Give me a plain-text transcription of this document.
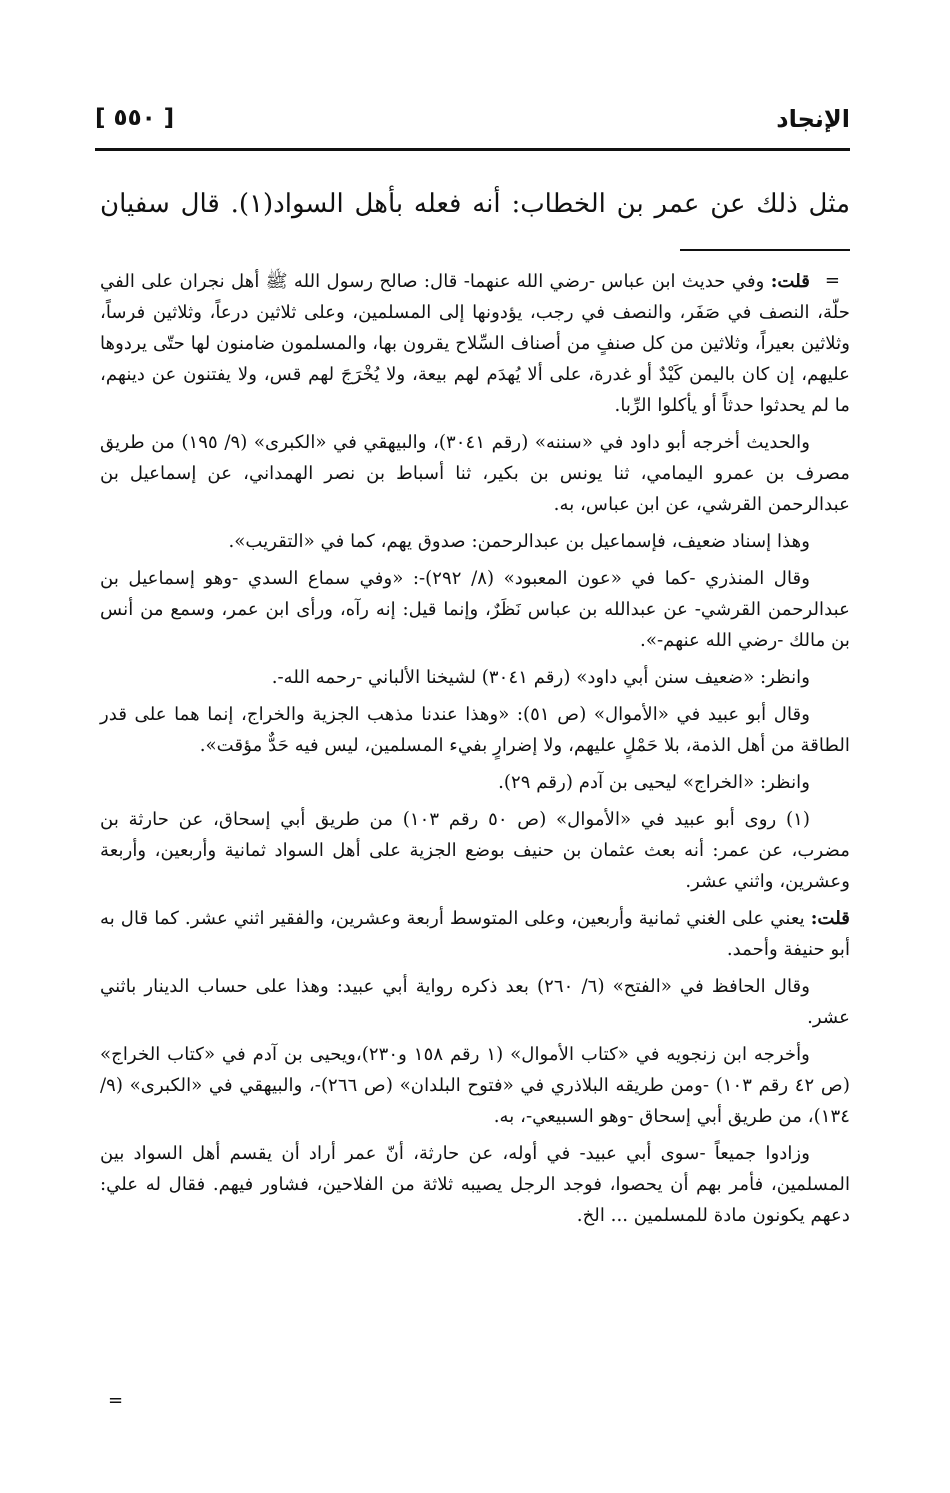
الإنجاد
[ ٥٥٠ ]
مثل ذلك عن عمر بن الخطاب: أنه فعله بأهل السواد(١). قال سفيان
=

قلت: وفي حديث ابن عباس -رضي الله عنهما- قال: صالح رسول الله ﷺ أهل نجران على الفي حلّة، النصف في صَفَر، والنصف في رجب، يؤدونها إلى المسلمين، وعلى ثلاثين درعاً، وثلاثين فرساً، وثلاثين بعيراً، وثلاثين من كل صنفٍ من أصناف السِّلاح يقرون بها، والمسلمون ضامنون لها حتّى يردوها عليهم، إن كان باليمن كَيْدٌ أو غدرة، على ألا يُهدَم لهم بيعة، ولا يُخْرَجَ لهم قس، ولا يفتنون عن دينهم، ما لم يحدثوا حدثاً أو يأكلوا الرِّبا.

والحديث أخرجه أبو داود في «سننه» (رقم ٣٠٤١)، والبيهقي في «الكبرى» (٩/ ١٩٥) من طريق مصرف بن عمرو اليمامي، ثنا يونس بن بكير، ثنا أسباط بن نصر الهمداني، عن إسماعيل بن عبدالرحمن القرشي، عن ابن عباس، به.

وهذا إسناد ضعيف، فإسماعيل بن عبدالرحمن: صدوق يهم، كما في «التقريب».

وقال المنذري -كما في «عون المعبود» (٨/ ٢٩٢)-: «وفي سماع السدي -وهو إسماعيل بن عبدالرحمن القرشي- عن عبدالله بن عباس نَظَرٌ، وإنما قيل: إنه رآه، ورأى ابن عمر، وسمع من أنس بن مالك -رضي الله عنهم-».

وانظر: «ضعيف سنن أبي داود» (رقم ٣٠٤١) لشيخنا الألباني -رحمه الله-.

وقال أبو عبيد في «الأموال» (ص ٥١): «وهذا عندنا مذهب الجزية والخراج، إنما هما على قدر الطاقة من أهل الذمة، بلا حَمْلٍ عليهم، ولا إضرارٍ بفيء المسلمين، ليس فيه حَدٌّ مؤقت».

وانظر: «الخراج» ليحيى بن آدم (رقم ٢٩).

(١) روى أبو عبيد في «الأموال» (ص ٥٠ رقم ١٠٣) من طريق أبي إسحاق، عن حارثة بن مضرب، عن عمر: أنه بعث عثمان بن حنيف بوضع الجزية على أهل السواد ثمانية وأربعين، وأربعة وعشرين، واثني عشر.

قلت: يعني على الغني ثمانية وأربعين، وعلى المتوسط أربعة وعشرين، والفقير اثني عشر. كما قال به أبو حنيفة وأحمد.

وقال الحافظ في «الفتح» (٦/ ٢٦٠) بعد ذكره رواية أبي عبيد: وهذا على حساب الدينار باثني عشر.

وأخرجه ابن زنجويه في «كتاب الأموال» (١ رقم ١٥٨ و٢٣٠)،ويحيى بن آدم في «كتاب الخراج» (ص ٤٢ رقم ١٠٣) -ومن طريقه البلاذري في «فتوح البلدان» (ص ٢٦٦)-، والبيهقي في «الكبرى» (٩/ ١٣٤)، من طريق أبي إسحاق -وهو السبيعي-، به.

وزادوا جميعاً -سوى أبي عبيد- في أوله، عن حارثة، أنّ عمر أراد أن يقسم أهل السواد بين المسلمين، فأمر بهم أن يحصوا، فوجد الرجل يصيبه ثلاثة من الفلاحين، فشاور فيهم. فقال له علي: دعهم يكونون مادة للمسلمين ... الخ.

=
